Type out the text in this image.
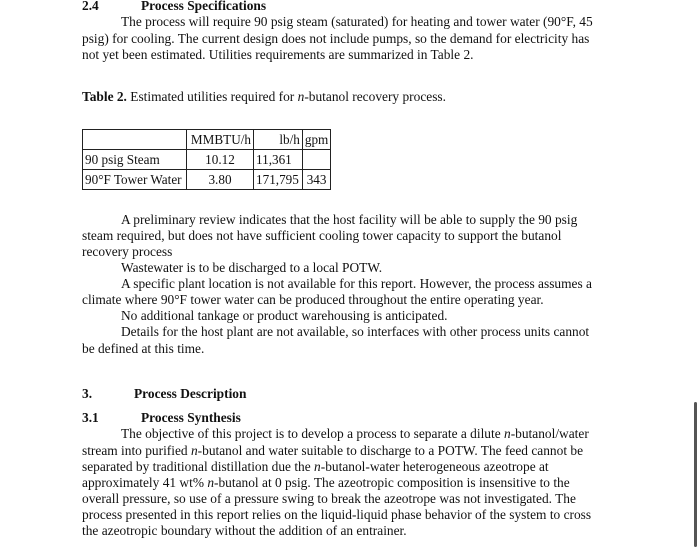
2.4	Process Specifications
The process will require 90 psig steam (saturated) for heating and tower water (90°F, 45
psig) for cooling. The current design does not include pumps, so the demand for electricity has
not yet been estimated. Utilities requirements are summarized in Table 2.
Table 2. Estimated utilities required for n-butanol recovery process.
	MMBTU/h	lb/h	gpm
90 psig Steam	10.12	11,361	
90°F Tower Water	3.80	171,795	343
A preliminary review indicates that the host facility will be able to supply the 90 psig
steam required, but does not have sufficient cooling tower capacity to support the butanol
recovery process
Wastewater is to be discharged to a local POTW.
A specific plant location is not available for this report. However, the process assumes a
climate where 90°F tower water can be produced throughout the entire operating year.
No additional tankage or product warehousing is anticipated.
Details for the host plant are not available, so interfaces with other process units cannot
be defined at this time.
3.	Process Description
3.1	Process Synthesis
The objective of this project is to develop a process to separate a dilute n-butanol/water
stream into purified n-butanol and water suitable to discharge to a POTW. The feed cannot be
separated by traditional distillation due the n-butanol-water heterogeneous azeotrope at
approximately 41 wt% n-butanol at 0 psig. The azeotropic composition is insensitive to the
overall pressure, so use of a pressure swing to break the azeotrope was not investigated. The
process presented in this report relies on the liquid-liquid phase behavior of the system to cross
the azeotropic boundary without the addition of an entrainer.
